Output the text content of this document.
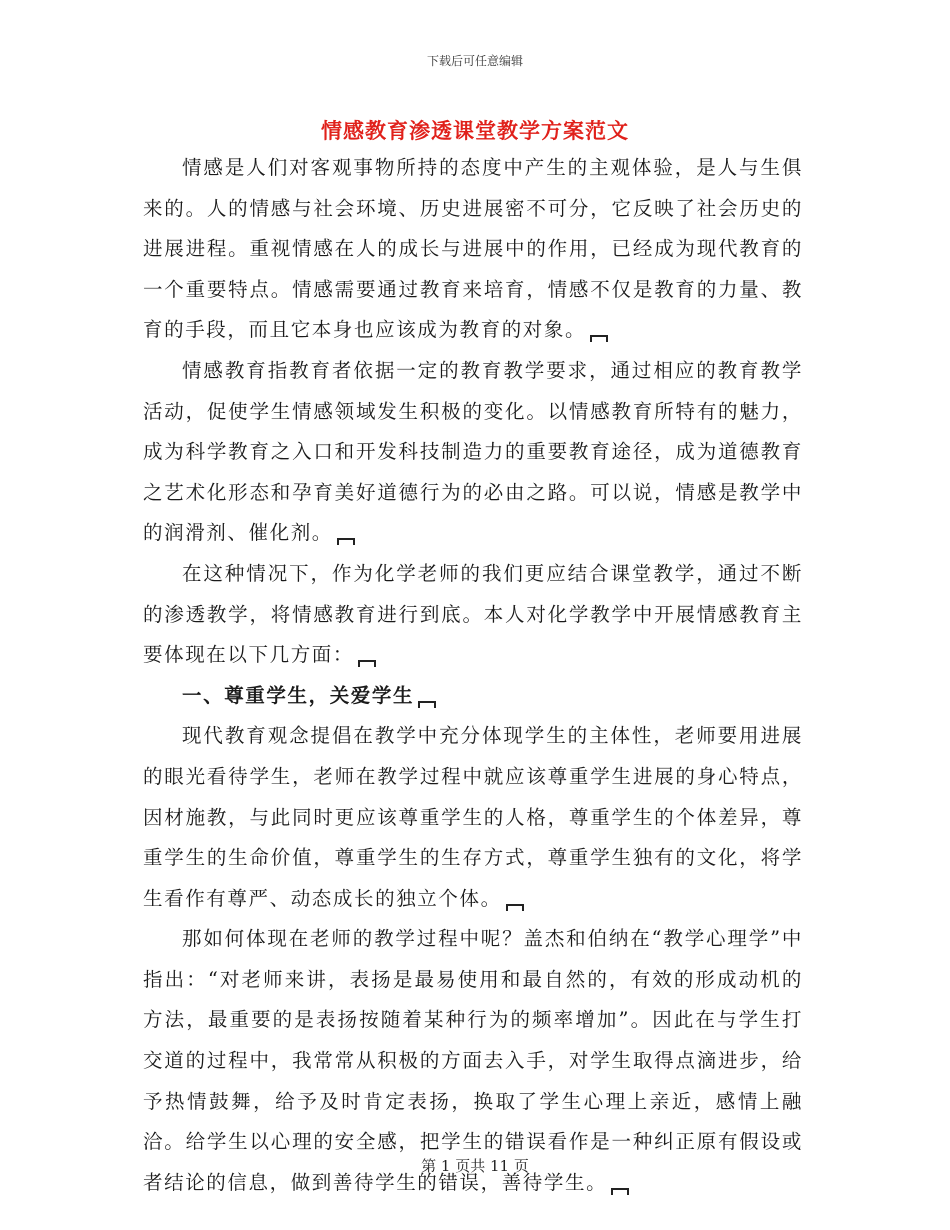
下载后可任意编辑
情感教育渗透课堂教学方案范文

情感是人们对客观事物所持的态度中产生的主观体验，是人与生俱来的。人的情感与社会环境、历史进展密不可分，它反映了社会历史的进展进程。重视情感在人的成长与进展中的作用，已经成为现代教育的一个重要特点。情感需要通过教育来培育，情感不仅是教育的力量、教育的手段，而且它本身也应该成为教育的对象。

情感教育指教育者依据一定的教育教学要求，通过相应的教育教学活动，促使学生情感领域发生积极的变化。以情感教育所特有的魅力，成为科学教育之入口和开发科技制造力的重要教育途径，成为道德教育之艺术化形态和孕育美好道德行为的必由之路。可以说，情感是教学中的润滑剂、催化剂。

在这种情况下，作为化学老师的我们更应结合课堂教学，通过不断的渗透教学，将情感教育进行到底。本人对化学教学中开展情感教育主要体现在以下几方面：

一、尊重学生，关爱学生

现代教育观念提倡在教学中充分体现学生的主体性，老师要用进展的眼光看待学生，老师在教学过程中就应该尊重学生进展的身心特点，因材施教，与此同时更应该尊重学生的人格，尊重学生的个体差异，尊重学生的生命价值，尊重学生的生存方式，尊重学生独有的文化，将学生看作有尊严、动态成长的独立个体。

那如何体现在老师的教学过程中呢？盖杰和伯纳在“教学心理学”中指出：“对老师来讲，表扬是最易使用和最自然的，有效的形成动机的方法，最重要的是表扬按随着某种行为的频率增加”。因此在与学生打交道的过程中，我常常从积极的方面去入手，对学生取得点滴进步，给予热情鼓舞，给予及时肯定表扬，换取了学生心理上亲近，感情上融洽。给学生以心理的安全感，把学生的错误看作是一种纠正原有假设或者结论的信息，做到善待学生的错误，善待学生。

第 1 页共 11 页
